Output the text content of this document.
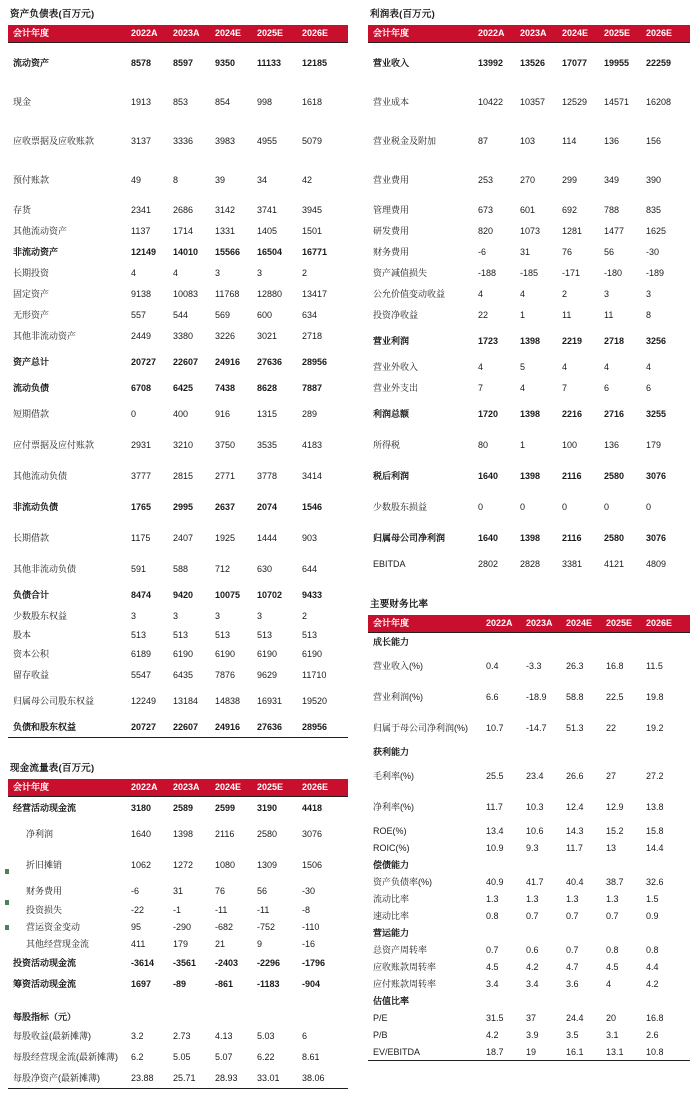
资产负债表(百万元)
会计年度	2022A	2023A	2024E	2025E	2026E
流动资产	8578	8597	9350	11133	12185
现金	1913	853	854	998	1618
应收票据及应收账款	3137	3336	3983	4955	5079
预付账款	49	8	39	34	42
存货	2341	2686	3142	3741	3945
其他流动资产	1137	1714	1331	1405	1501
非流动资产	12149	14010	15566	16504	16771
长期投资	4	4	3	3	2
固定资产	9138	10083	11768	12880	13417
无形资产	557	544	569	600	634
其他非流动资产	2449	3380	3226	3021	2718
资产总计	20727	22607	24916	27636	28956
流动负债	6708	6425	7438	8628	7887
短期借款	0	400	916	1315	289
应付票据及应付账款	2931	3210	3750	3535	4183
其他流动负债	3777	2815	2771	3778	3414
非流动负债	1765	2995	2637	2074	1546
长期借款	1175	2407	1925	1444	903
其他非流动负债	591	588	712	630	644
负债合计	8474	9420	10075	10702	9433
少数股东权益	3	3	3	3	2
股本	513	513	513	513	513
资本公积	6189	6190	6190	6190	6190
留存收益	5547	6435	7876	9629	11710
归属母公司股东权益	12249	13184	14838	16931	19520
负债和股东权益	20727	22607	24916	27636	28956
现金流量表(百万元)
会计年度	2022A	2023A	2024E	2025E	2026E
经营活动现金流	3180	2589	2599	3190	4418
净利润	1640	1398	2116	2580	3076
折旧摊销	1062	1272	1080	1309	1506
财务费用	-6	31	76	56	-30
投资损失	-22	-1	-11	-11	-8
营运资金变动	95	-290	-682	-752	-110
其他经营现金流	411	179	21	9	-16
投资活动现金流	-3614	-3561	-2403	-2296	-1796
筹资活动现金流	1697	-89	-861	-1183	-904
每股指标（元）					
每股收益(最新摊薄)	3.2	2.73	4.13	5.03	6
每股经营现金流(最新摊薄)	6.2	5.05	5.07	6.22	8.61
每股净资产(最新摊薄)	23.88	25.71	28.93	33.01	38.06
利润表(百万元)
会计年度	2022A	2023A	2024E	2025E	2026E
营业收入	13992	13526	17077	19955	22259
营业成本	10422	10357	12529	14571	16208
营业税金及附加	87	103	114	136	156
营业费用	253	270	299	349	390
管理费用	673	601	692	788	835
研发费用	820	1073	1281	1477	1625
财务费用	-6	31	76	56	-30
资产减值损失	-188	-185	-171	-180	-189
公允价值变动收益	4	4	2	3	3
投资净收益	22	1	11	11	8
营业利润	1723	1398	2219	2718	3256
营业外收入	4	5	4	4	4
营业外支出	7	4	7	6	6
利润总额	1720	1398	2216	2716	3255
所得税	80	1	100	136	179
税后利润	1640	1398	2116	2580	3076
少数股东损益	0	0	0	0	0
归属母公司净利润	1640	1398	2116	2580	3076
EBITDA	2802	2828	3381	4121	4809
主要财务比率
会计年度	2022A	2023A	2024E	2025E	2026E
成长能力					
营业收入(%)	0.4	-3.3	26.3	16.8	11.5
营业利润(%)	6.6	-18.9	58.8	22.5	19.8
归属于母公司净利润(%)	10.7	-14.7	51.3	22	19.2
获利能力					
毛利率(%)	25.5	23.4	26.6	27	27.2
净利率(%)	11.7	10.3	12.4	12.9	13.8
ROE(%)	13.4	10.6	14.3	15.2	15.8
ROIC(%)	10.9	9.3	11.7	13	14.4
偿债能力					
资产负债率(%)	40.9	41.7	40.4	38.7	32.6
流动比率	1.3	1.3	1.3	1.3	1.5
速动比率	0.8	0.7	0.7	0.7	0.9
营运能力					
总资产周转率	0.7	0.6	0.7	0.8	0.8
应收账款周转率	4.5	4.2	4.7	4.5	4.4
应付账款周转率	3.4	3.4	3.6	4	4.2
估值比率					
P/E	31.5	37	24.4	20	16.8
P/B	4.2	3.9	3.5	3.1	2.6
EV/EBITDA	18.7	19	16.1	13.1	10.8
